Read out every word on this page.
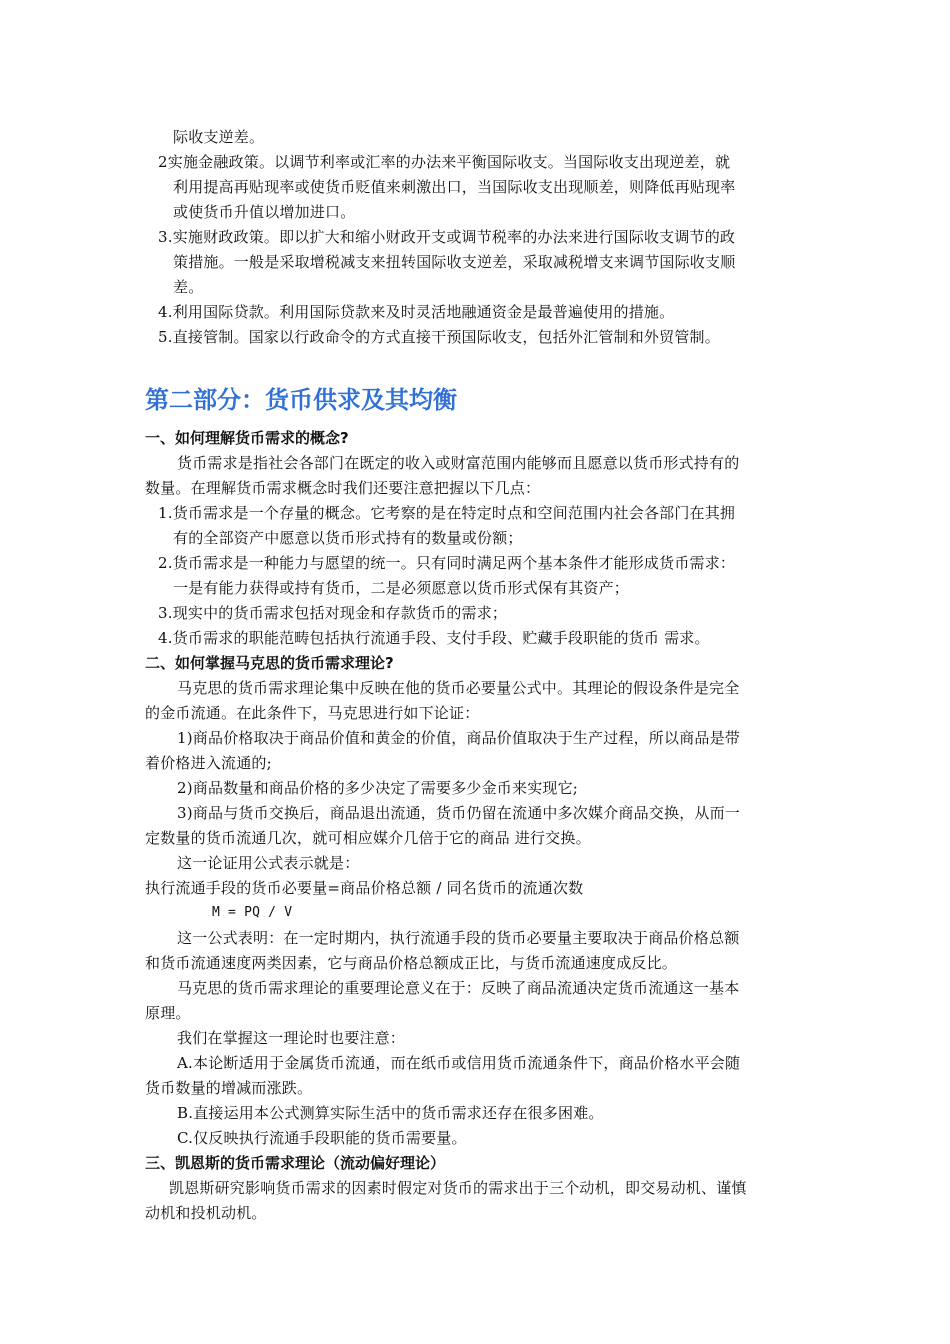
际收支逆差。
2实施金融政策。以调节利率或汇率的办法来平衡国际收支。当国际收支出现逆差，就
利用提高再贴现率或使货币贬值来刺激出口，当国际收支出现顺差，则降低再贴现率
或使货币升值以增加进口。
3.实施财政政策。即以扩大和缩小财政开支或调节税率的办法来进行国际收支调节的政
策措施。一般是采取增税减支来扭转国际收支逆差，采取减税增支来调节国际收支顺
差。
4.利用国际贷款。利用国际贷款来及时灵活地融通资金是最普遍使用的措施。
5.直接管制。国家以行政命令的方式直接干预国际收支，包括外汇管制和外贸管制。
第二部分：货币供求及其均衡
一、如何理解货币需求的概念?
货币需求是指社会各部门在既定的收入或财富范围内能够而且愿意以货币形式持有的
数量。在理解货币需求概念时我们还要注意把握以下几点：
1.货币需求是一个存量的概念。它考察的是在特定时点和空间范围内社会各部门在其拥
有的全部资产中愿意以货币形式持有的数量或份额；
2.货币需求是一种能力与愿望的统一。只有同时满足两个基本条件才能形成货币需求：
一是有能力获得或持有货币，二是必须愿意以货币形式保有其资产；
3.现实中的货币需求包括对现金和存款货币的需求；
4.货币需求的职能范畴包括执行流通手段、支付手段、贮藏手段职能的货币 需求。
二、如何掌握马克思的货币需求理论?
马克思的货币需求理论集中反映在他的货币必要量公式中。其理论的假设条件是完全
的金币流通。在此条件下，马克思进行如下论证：
1)商品价格取决于商品价值和黄金的价值，商品价值取决于生产过程，所以商品是带
着价格进入流通的;
2)商品数量和商品价格的多少决定了需要多少金币来实现它;
3)商品与货币交换后，商品退出流通，货币仍留在流通中多次媒介商品交换，从而一
定数量的货币流通几次，就可相应媒介几倍于它的商品 进行交换。
这一论证用公式表示就是：
执行流通手段的货币必要量=商品价格总额 / 同名货币的流通次数
M = PQ / V
这一公式表明：在一定时期内，执行流通手段的货币必要量主要取决于商品价格总额
和货币流通速度两类因素，它与商品价格总额成正比，与货币流通速度成反比。
马克思的货币需求理论的重要理论意义在于：反映了商品流通决定货币流通这一基本
原理。
我们在掌握这一理论时也要注意：
A.本论断适用于金属货币流通，而在纸币或信用货币流通条件下，商品价格水平会随
货币数量的增减而涨跌。
B.直接运用本公式测算实际生活中的货币需求还存在很多困难。
C.仅反映执行流通手段职能的货币需要量。
三、凯恩斯的货币需求理论（流动偏好理论）
凯恩斯研究影响货币需求的因素时假定对货币的需求出于三个动机，即交易动机、谨慎
动机和投机动机。
